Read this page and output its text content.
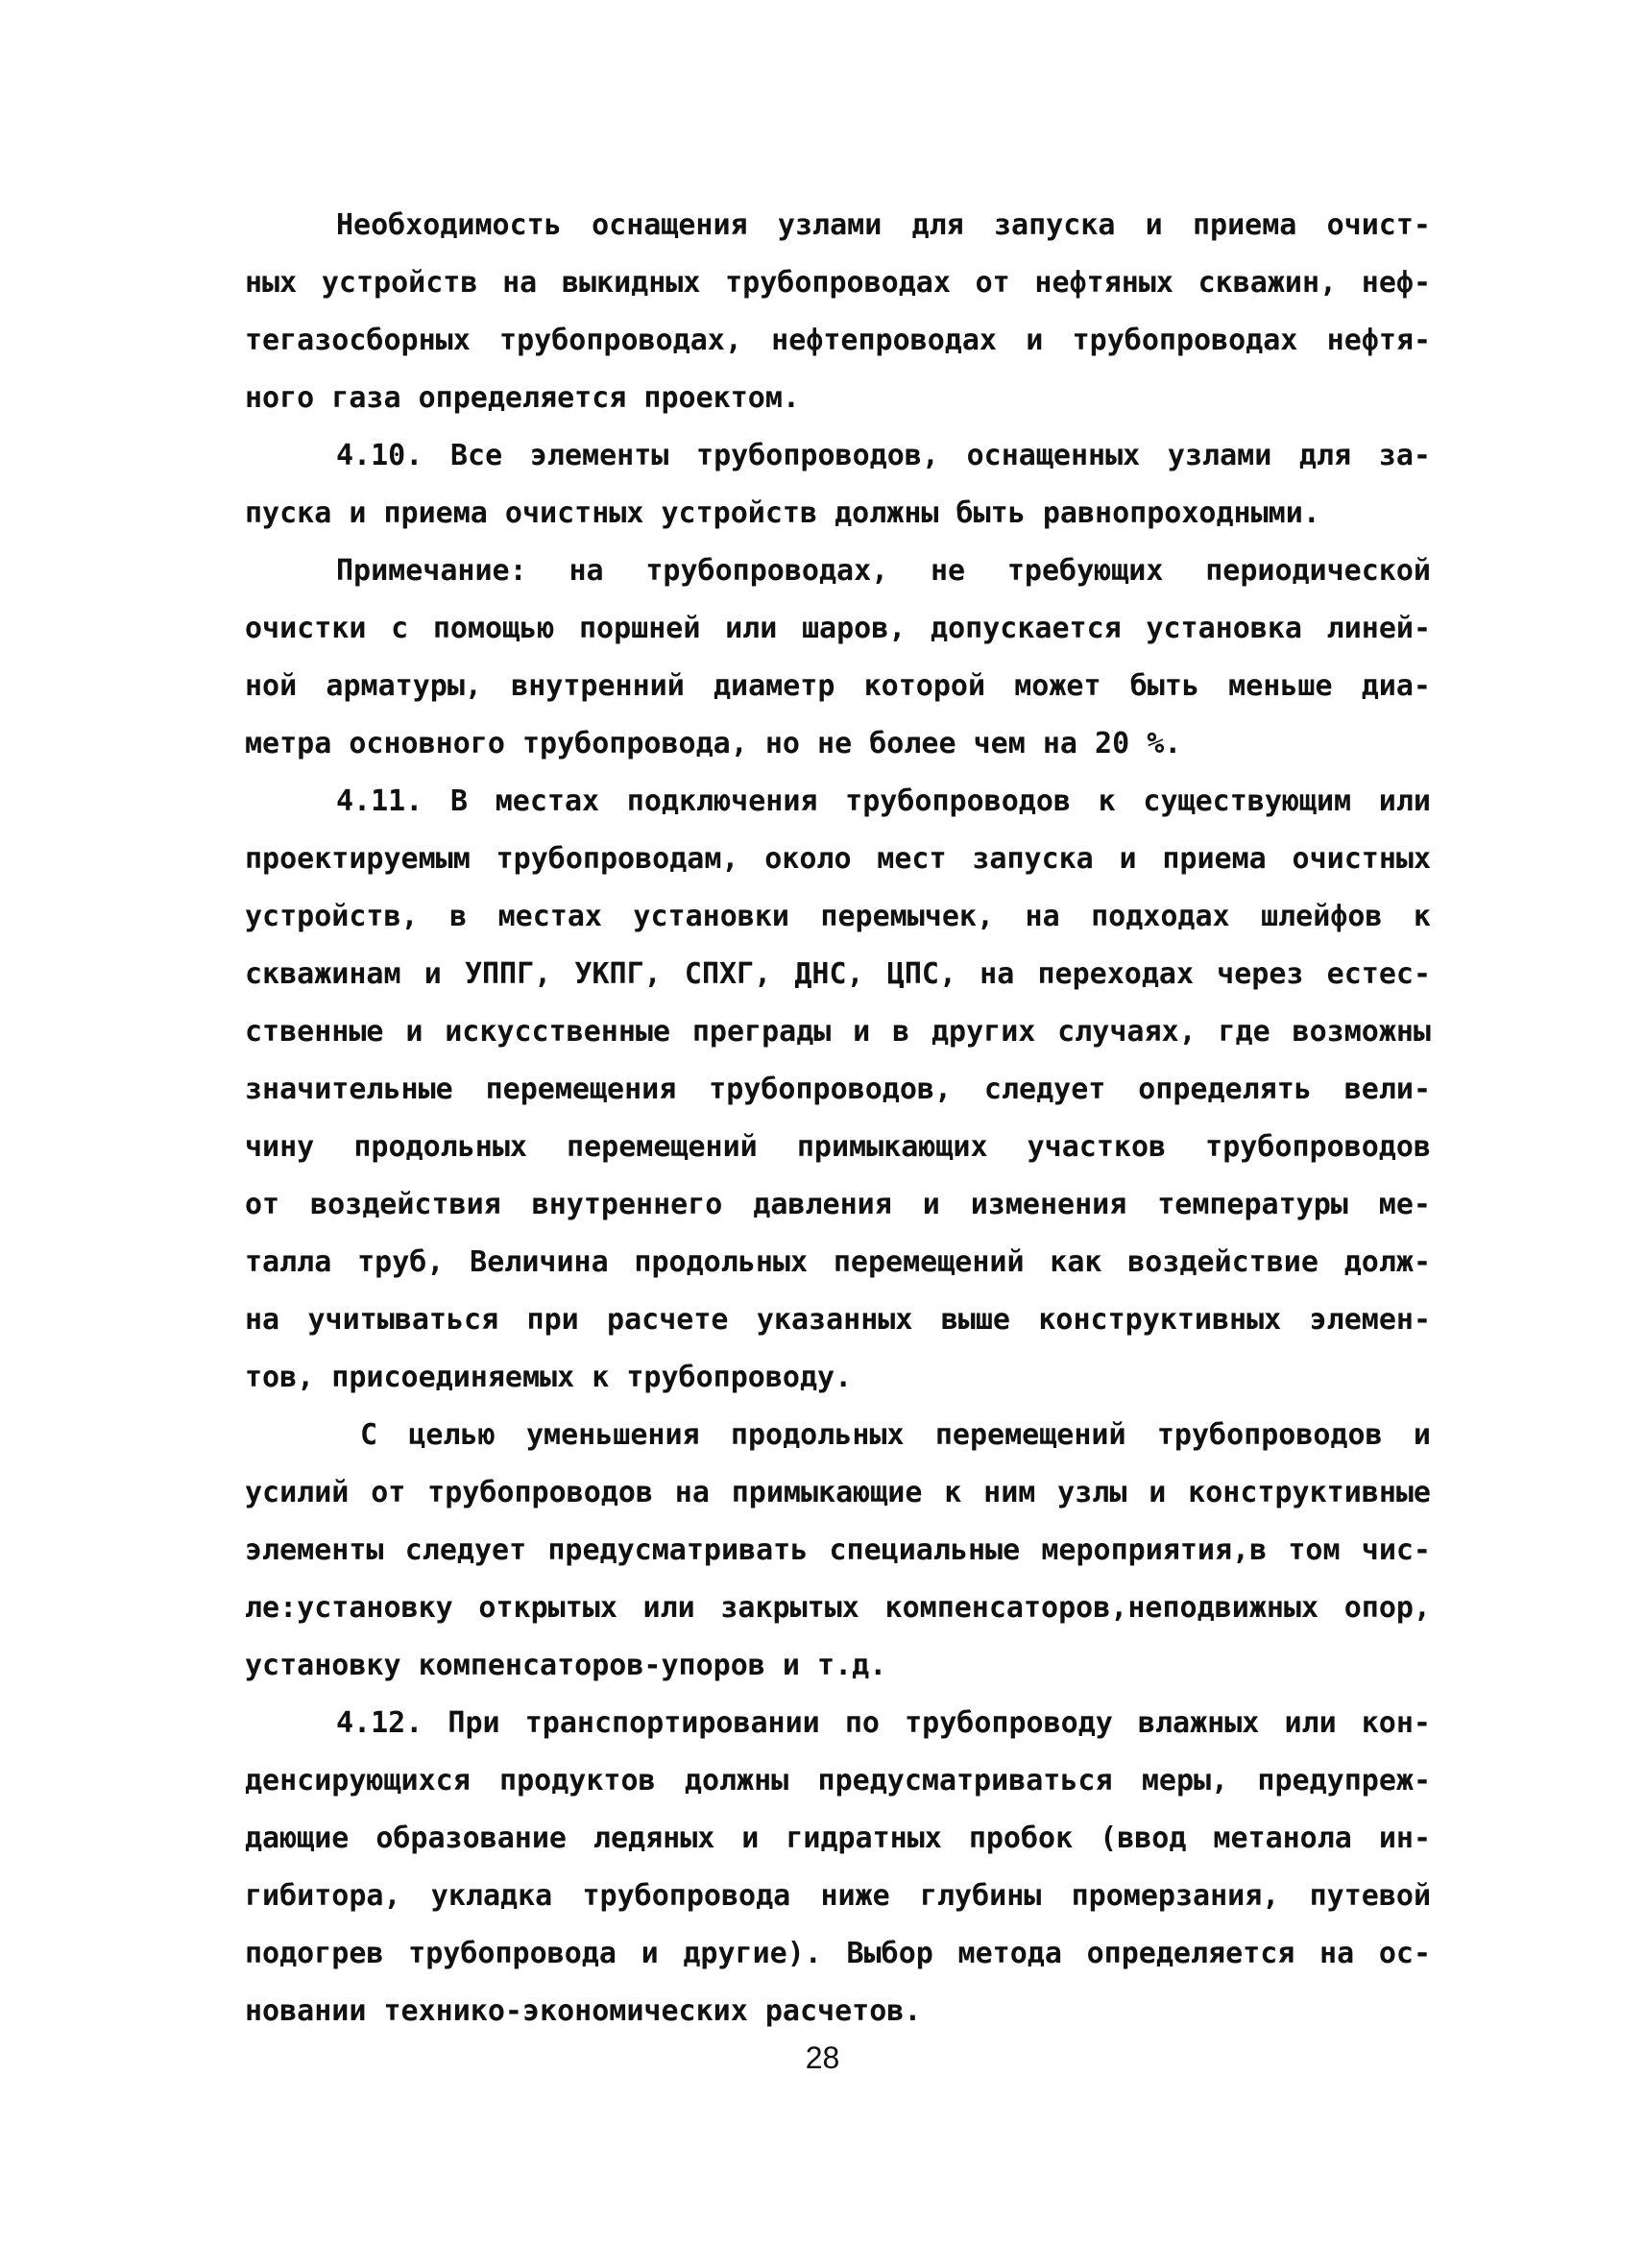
Необходимость оснащения узлами для запуска и приема очист-
ных устройств на выкидных трубопроводах от нефтяных скважин, неф-
тегазосборных трубопроводах, нефтепроводах и трубопроводах нефтя-
ного газа определяется проектом.
4.10. Все элементы трубопроводов, оснащенных узлами для за-
пуска и приема очистных устройств должны быть равнопроходными.
Примечание: на трубопроводах, не требующих периодической
очистки с помощью поршней или шаров, допускается установка линей-
ной арматуры, внутренний диаметр которой может быть меньше диа-
метра основного трубопровода, но не более чем на 20 %.
4.11. В местах подключения трубопроводов к существующим или
проектируемым трубопроводам, около мест запуска и приема очистных
устройств, в местах установки перемычек, на подходах шлейфов к
скважинам и УППГ, УКПГ, СПХГ, ДНС, ЦПС, на переходах через естес-
ственные и искусственные преграды и в других случаях, где возможны
значительные перемещения трубопроводов, следует определять вели-
чину продольных перемещений примыкающих участков трубопроводов
от воздействия внутреннего давления и изменения температуры ме-
талла труб, Величина продольных перемещений как воздействие долж-
на учитываться при расчете указанных выше конструктивных элемен-
тов, присоединяемых к трубопроводу.
С целью уменьшения продольных перемещений трубопроводов и
усилий от трубопроводов на примыкающие к ним узлы и конструктивные
элементы следует предусматривать специальные мероприятия,в том чис-
ле:установку открытых или закрытых компенсаторов,неподвижных опор,
установку компенсаторов-упоров и т.д.
4.12. При транспортировании по трубопроводу влажных или кон-
денсирующихся продуктов должны предусматриваться меры, предупреж-
дающие образование ледяных и гидратных пробок (ввод метанола ин-
гибитора, укладка трубопровода ниже глубины промерзания, путевой
подогрев трубопровода и другие). Выбор метода определяется на ос-
новании технико-экономических расчетов.
28
